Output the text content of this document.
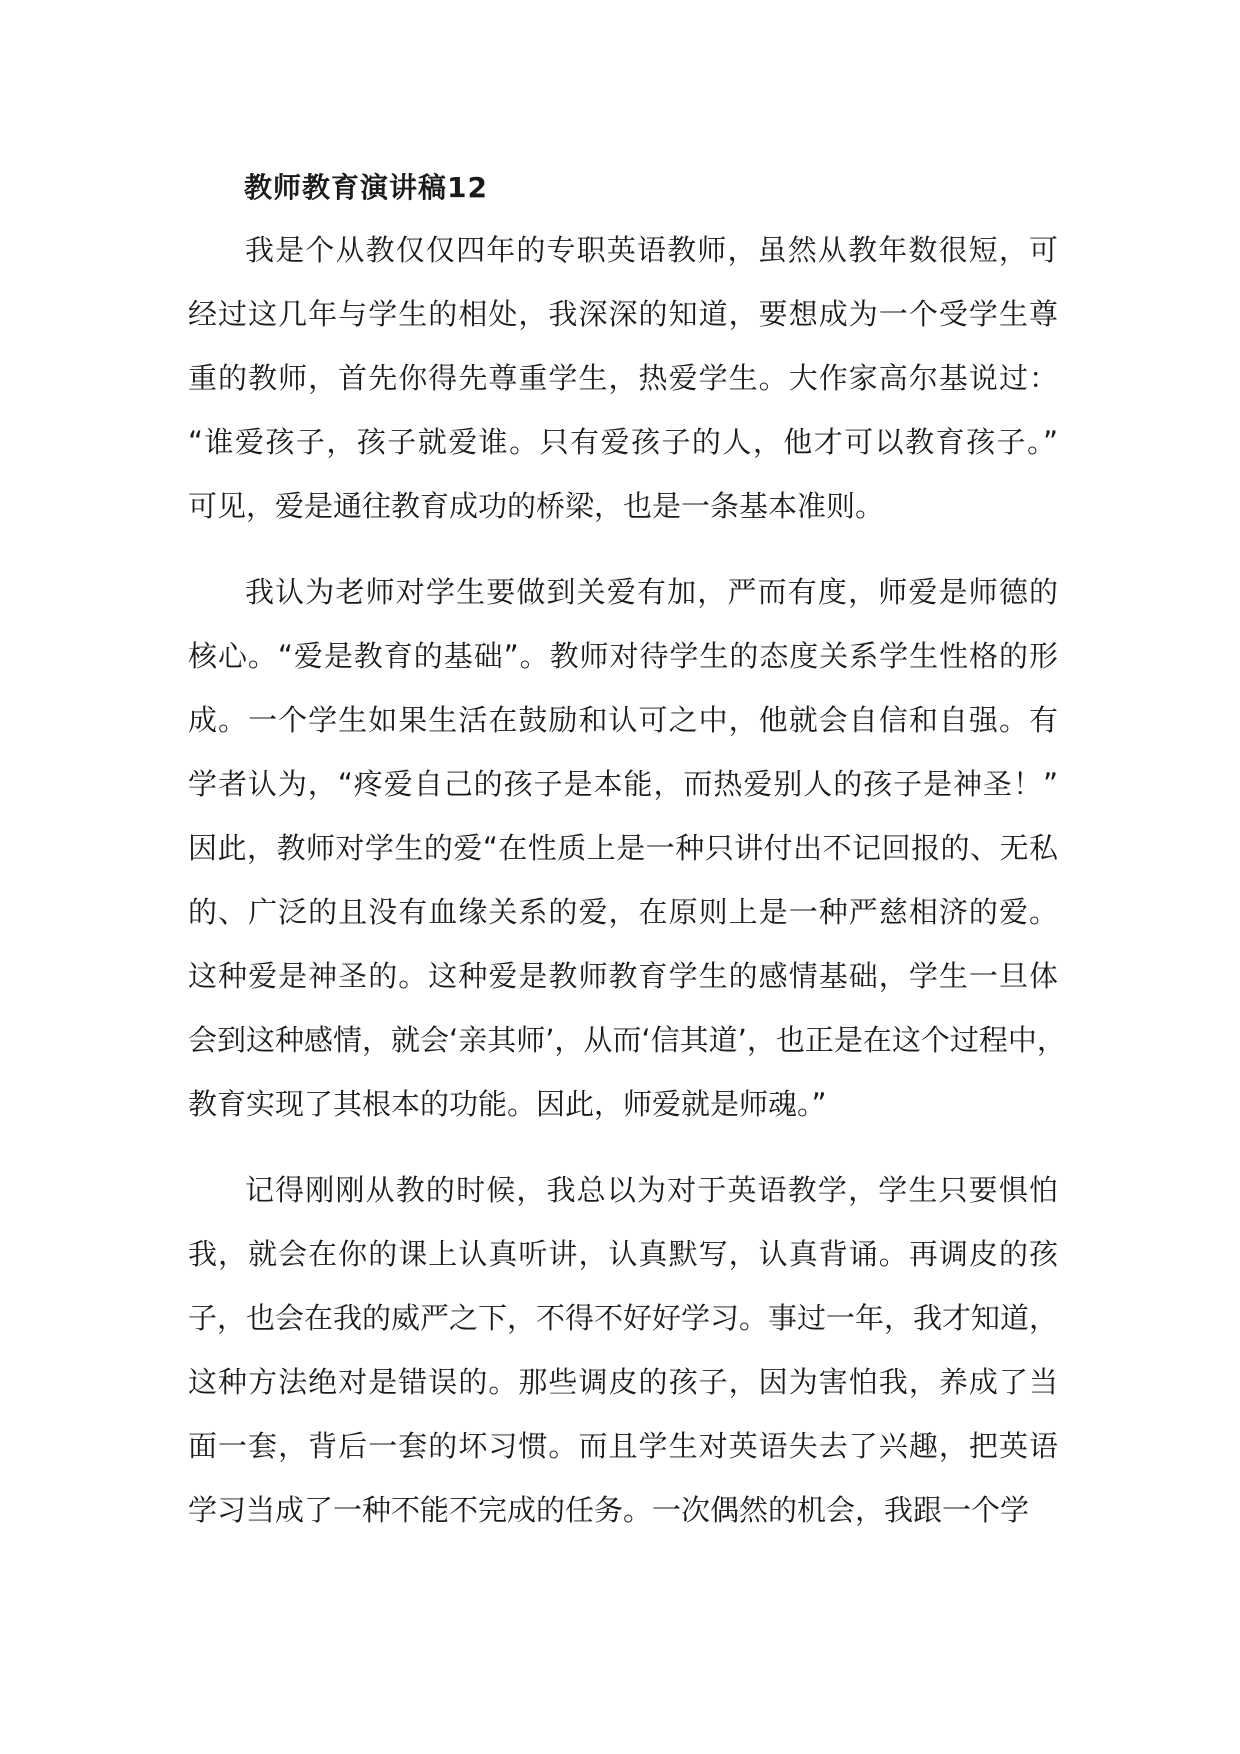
教师教育演讲稿12
我是个从教仅仅四年的专职英语教师，虽然从教年数很短，可
经过这几年与学生的相处，我深深的知道，要想成为一个受学生尊
重的教师，首先你得先尊重学生，热爱学生。大作家高尔基说过：
“谁爱孩子，孩子就爱谁。只有爱孩子的人，他才可以教育孩子。”
可见，爱是通往教育成功的桥梁，也是一条基本准则。
我认为老师对学生要做到关爱有加，严而有度，师爱是师德的
核心。“爱是教育的基础”。教师对待学生的态度关系学生性格的形
成。一个学生如果生活在鼓励和认可之中，他就会自信和自强。有
学者认为，“疼爱自己的孩子是本能，而热爱别人的孩子是神圣！”
因此，教师对学生的爱“在性质上是一种只讲付出不记回报的、无私
的、广泛的且没有血缘关系的爱，在原则上是一种严慈相济的爱。
这种爱是神圣的。这种爱是教师教育学生的感情基础，学生一旦体
会到这种感情，就会‘亲其师’，从而‘信其道’，也正是在这个过程中，
教育实现了其根本的功能。因此，师爱就是师魂。”
记得刚刚从教的时候，我总以为对于英语教学，学生只要惧怕
我，就会在你的课上认真听讲，认真默写，认真背诵。再调皮的孩
子，也会在我的威严之下，不得不好好学习。事过一年，我才知道，
这种方法绝对是错误的。那些调皮的孩子，因为害怕我，养成了当
面一套，背后一套的坏习惯。而且学生对英语失去了兴趣，把英语
学习当成了一种不能不完成的任务。一次偶然的机会，我跟一个学
